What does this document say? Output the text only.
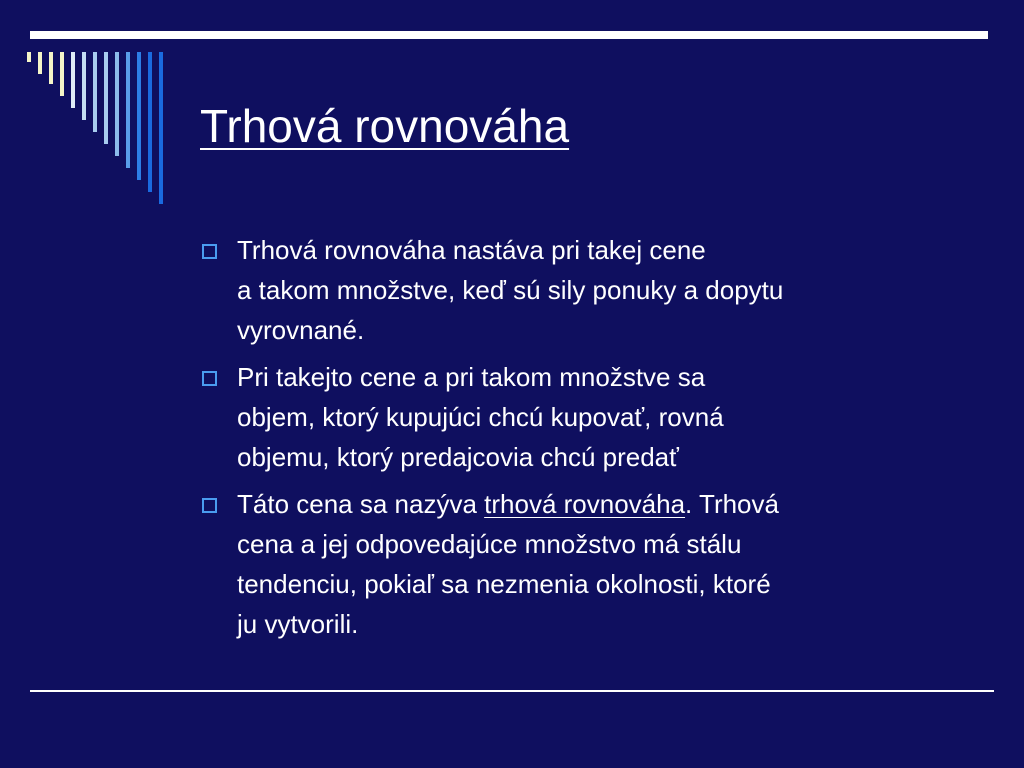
Trhová rovnováha
Trhová rovnováha nastáva pri takej cene
a takom množstve, keď sú sily ponuky a dopytu
vyrovnané.
Pri takejto cene a pri takom množstve sa
objem, ktorý kupujúci chcú kupovať, rovná
objemu, ktorý predajcovia chcú predať
Táto cena sa nazýva trhová rovnováha. Trhová
cena a jej odpovedajúce množstvo má stálu
tendenciu, pokiaľ sa nezmenia okolnosti, ktoré
ju vytvorili.
